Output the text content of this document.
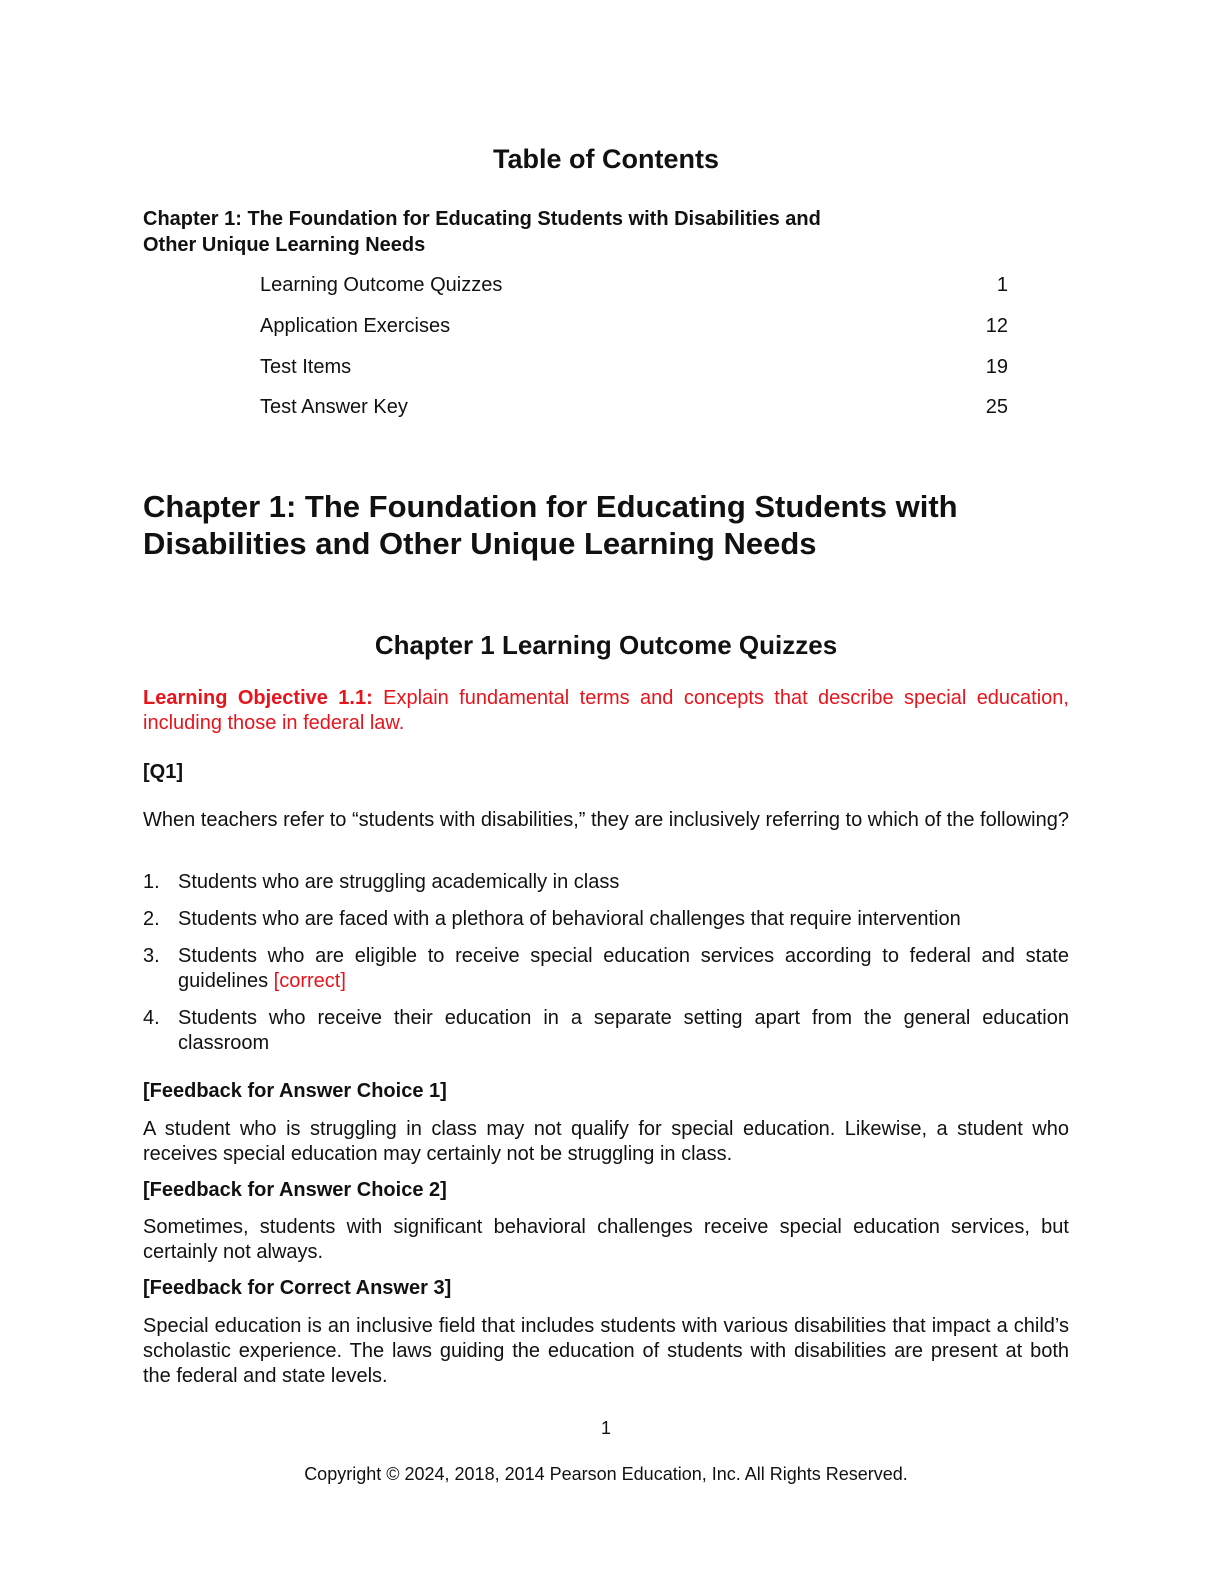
Table of Contents
Chapter 1: The Foundation for Educating Students with Disabilities and
Other Unique Learning Needs
Learning Outcome Quizzes	1
Application Exercises	12
Test Items	19
Test Answer Key	25
Chapter 1: The Foundation for Educating Students with
Disabilities and Other Unique Learning Needs
Chapter 1 Learning Outcome Quizzes
Learning Objective 1.1: Explain fundamental terms and concepts that describe special education, including those in federal law.
[Q1]
When teachers refer to “students with disabilities,” they are inclusively referring to which of the following?
1. Students who are struggling academically in class
2. Students who are faced with a plethora of behavioral challenges that require intervention
3. Students who are eligible to receive special education services according to federal and state guidelines [correct]
4. Students who receive their education in a separate setting apart from the general education classroom
[Feedback for Answer Choice 1]
A student who is struggling in class may not qualify for special education. Likewise, a student who receives special education may certainly not be struggling in class.
[Feedback for Answer Choice 2]
Sometimes, students with significant behavioral challenges receive special education services, but certainly not always.
[Feedback for Correct Answer 3]
Special education is an inclusive field that includes students with various disabilities that impact a child’s scholastic experience. The laws guiding the education of students with disabilities are present at both the federal and state levels.
1
Copyright © 2024, 2018, 2014 Pearson Education, Inc. All Rights Reserved.
